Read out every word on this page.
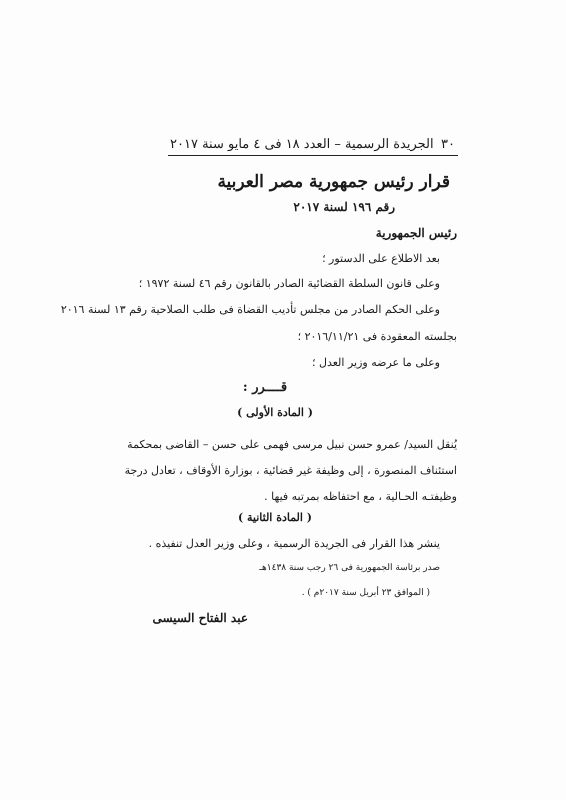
٣٠
الجريدة الرسمية – العدد ١٨ فى ٤ مايو سنة ٢٠١٧
قرار رئيس جمهورية مصر العربية
رقم ١٩٦ لسنة ٢٠١٧
رئيس الجمهورية
بعد الاطلاع على الدستور ؛
وعلى قانون السلطة القضائية الصادر بالقانون رقم ٤٦ لسنة ١٩٧٢ ؛
وعلى الحكم الصادر من مجلس تأديب القضاة فى طلب الصلاحية رقم ١٣ لسنة ٢٠١٦
بجلسته المعقودة فى ٢٠١٦/١١/٢١ ؛
وعلى ما عرضه وزير العدل ؛
قــــرر :
( المادة الأولى )
يُنقل السيد/ عمرو حسن نبيل مرسى فهمى على حسن – القاضى بمحكمة استئناف المنصورة ، إلى وظيفة غير قضائية ، بوزارة الأوقاف ، تعادل درجة وظيفتـه الحـالية ، مع احتفاظه بمرتبه فيها .
( المادة الثانية )
ينشر هذا القرار فى الجريدة الرسمية ، وعلى وزير العدل تنفيذه .
صدر برئاسة الجمهورية فى ٢٦ رجب سنة ١٤٣٨هـ
( الموافق ٢٣ أبريل سنة ٢٠١٧م ) .
عبد الفتاح السيسى
